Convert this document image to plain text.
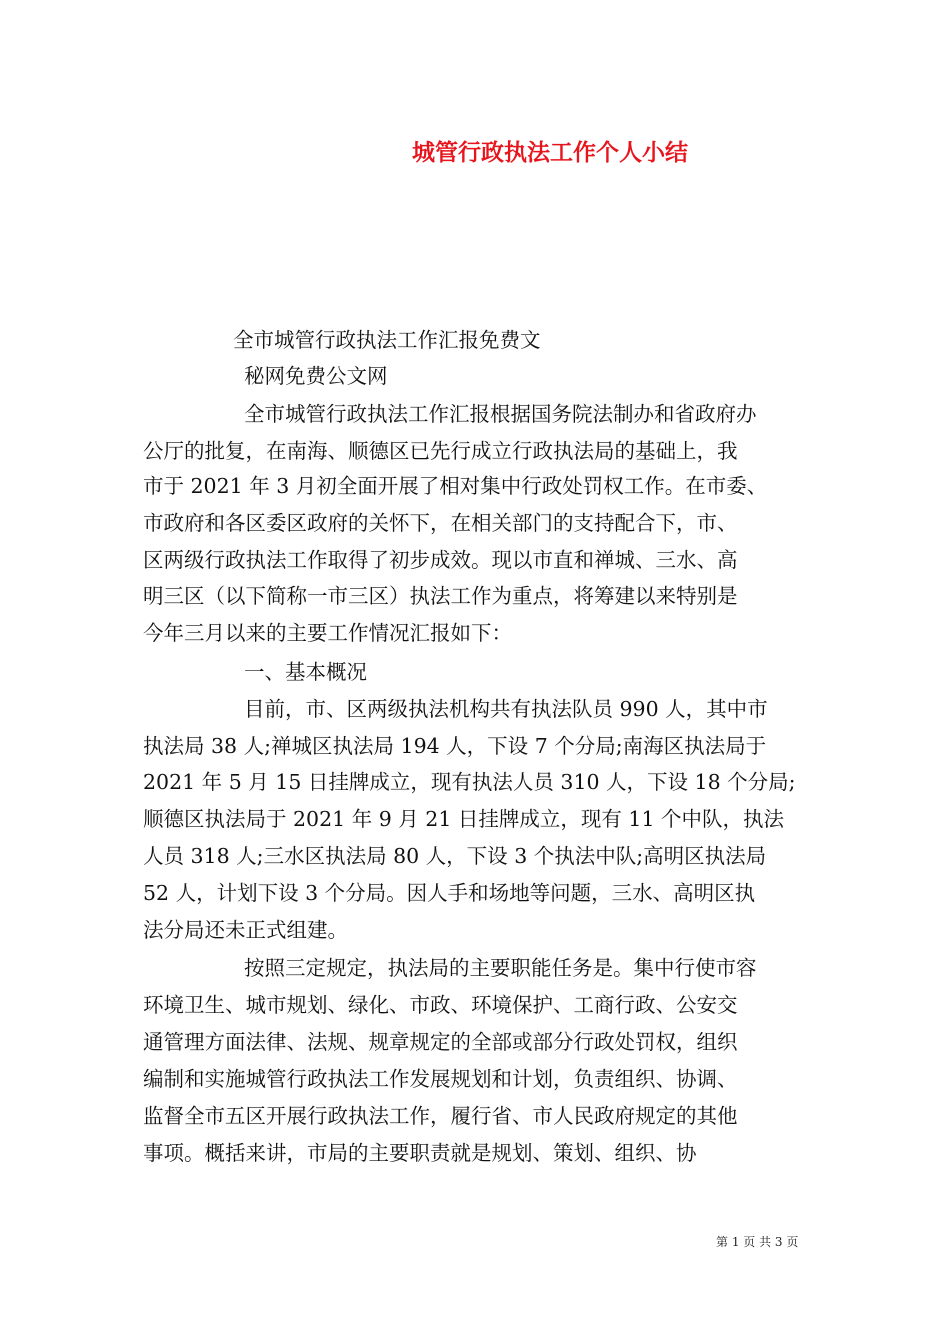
城管行政执法工作个人小结
全市城管行政执法工作汇报免费文
秘网免费公文网
全市城管行政执法工作汇报根据国务院法制办和省政府办
公厅的批复，在南海、顺德区已先行成立行政执法局的基础上，我
市于 2021 年 3 月初全面开展了相对集中行政处罚权工作。在市委、
市政府和各区委区政府的关怀下，在相关部门的支持配合下，市、
区两级行政执法工作取得了初步成效。现以市直和禅城、三水、高
明三区（以下简称一市三区）执法工作为重点，将筹建以来特别是
今年三月以来的主要工作情况汇报如下：
一、基本概况
目前，市、区两级执法机构共有执法队员 990 人，其中市
执法局 38 人;禅城区执法局 194 人，下设 7 个分局;南海区执法局于
2021 年 5 月 15 日挂牌成立，现有执法人员 310 人，下设 18 个分局;
顺德区执法局于 2021 年 9 月 21 日挂牌成立，现有 11 个中队，执法
人员 318 人;三水区执法局 80 人，下设 3 个执法中队;高明区执法局
52 人，计划下设 3 个分局。因人手和场地等问题，三水、高明区执
法分局还未正式组建。
按照三定规定，执法局的主要职能任务是。集中行使市容
环境卫生、城市规划、绿化、市政、环境保护、工商行政、公安交
通管理方面法律、法规、规章规定的全部或部分行政处罚权，组织
编制和实施城管行政执法工作发展规划和计划，负责组织、协调、
监督全市五区开展行政执法工作，履行省、市人民政府规定的其他
事项。概括来讲，市局的主要职责就是规划、策划、组织、协
第 1 页 共 3 页
